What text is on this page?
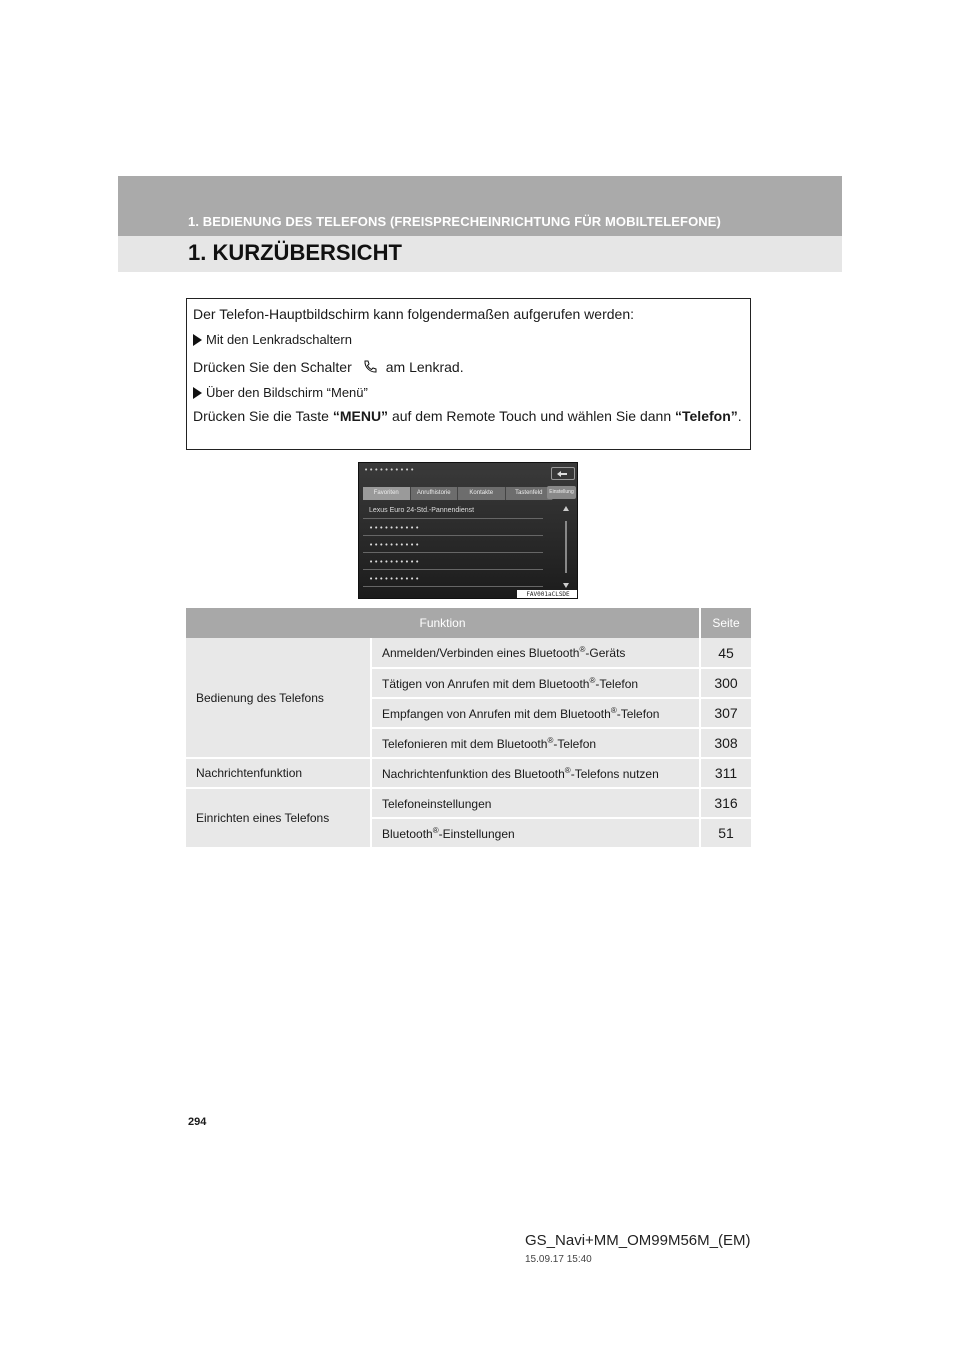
1. BEDIENUNG DES TELEFONS (FREISPRECHEINRICHTUNG FÜR MOBILTELEFONE)
1. KURZÜBERSICHT

Der Telefon-Hauptbildschirm kann folgendermaßen aufgerufen werden:

Mit den Lenkradschaltern

Drücken Sie den Schalter am Lenkrad.

Über den Bildschirm “Menü”

Drücken Sie die Taste “MENU” auf dem Remote Touch und wählen Sie dann “Telefon”.

••••••••••
Favoriten	Anrufhistorie	Kontakte	Tastenfeld	Einstellung
Lexus Euro 24-Std.-Pannendienst
••••••••••
••••••••••
••••••••••
••••••••••
FAV001aCLSDE
Funktion		Seite
Bedienung des Telefons	Anmelden/Verbinden eines Bluetooth®-Geräts	45
	Tätigen von Anrufen mit dem Bluetooth®-Telefon	300
	Empfangen von Anrufen mit dem Bluetooth®-Telefon	307
	Telefonieren mit dem Bluetooth®-Telefon	308
Nachrichtenfunktion	Nachrichtenfunktion des Bluetooth®-Telefons nutzen	311
Einrichten eines Telefons	Telefoneinstellungen	316
	Bluetooth®-Einstellungen	51
294
GS_Navi+MM_OM99M56M_(EM)
15.09.17 15:40
